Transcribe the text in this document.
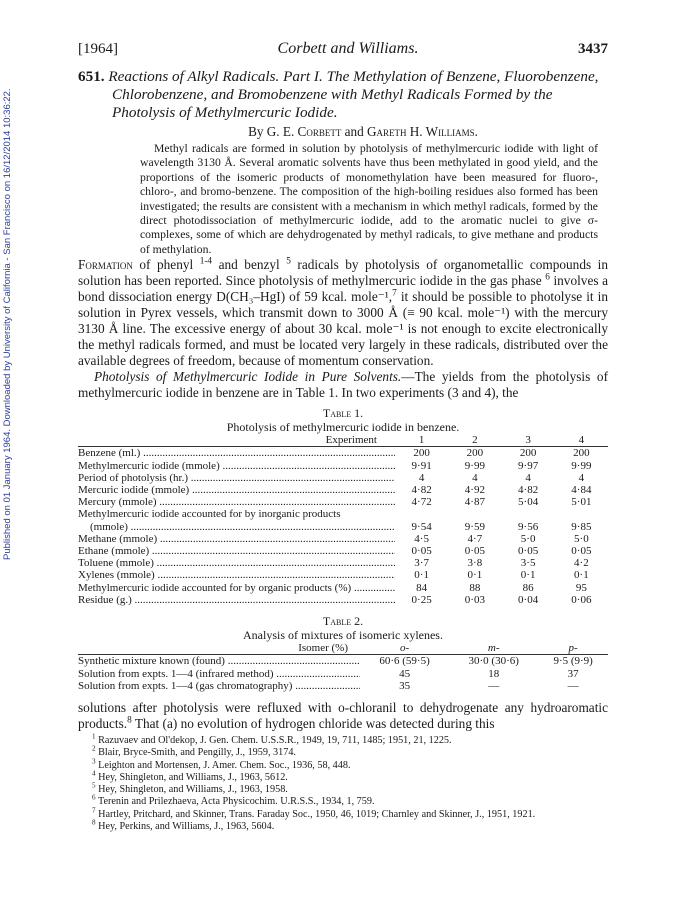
Published on 01 January 1964. Downloaded by University of California - San Francisco on 16/12/2014 10:36:22.
[1964]	Corbett and Williams.	3437

651. Reactions of Alkyl Radicals. Part I. The Methylation of Benzene, Fluorobenzene, Chlorobenzene, and Bromobenzene with Methyl Radicals Formed by the Photolysis of Methylmercuric Iodide.

By G. E. Corbett and Gareth H. Williams.

Methyl radicals are formed in solution by photolysis of methylmercuric iodide with light of wavelength 3130 Å. Several aromatic solvents have thus been methylated in good yield, and the proportions of the isomeric products of monomethylation have been measured for fluoro-, chloro-, and bromo-benzene. The composition of the high-boiling residues also formed has been investigated; the results are consistent with a mechanism in which methyl radicals, formed by the direct photodissociation of methylmercuric iodide, add to the aromatic nuclei to give σ-complexes, some of which are dehydrogenated by methyl radicals, to give methane and products of methylation.

Formation of phenyl $^{1-4}$ and benzyl $^5$ radicals by photolysis of organometallic compounds in solution has been reported. Since photolysis of methylmercuric iodide in the gas phase $^6$ involves a bond dissociation energy D(CH₃–HgI) of 59 kcal. mole⁻¹,$^7$ it should be possible to photolyse it in solution in Pyrex vessels, which transmit down to 3000 Å (≡ 90 kcal. mole⁻¹) with the mercury 3130 Å line. The excessive energy of about 30 kcal. mole⁻¹ is not enough to excite electronically the methyl radicals formed, and must be located very largely in these radicals, distributed over the available degrees of freedom, because of momentum conservation.

Photolysis of Methylmercuric Iodide in Pure Solvents.—The yields from the photolysis of methylmercuric iodide in benzene are in Table 1. In two experiments (3 and 4), the

Table 1.
Photolysis of methylmercuric iodide in benzene.
Experiment	1	2	3	4
Benzene (ml.) .....	200	200	200	200
Methylmercuric iodide (mmole) .....	9·91	9·99	9·97	9·99
Period of photolysis (hr.) .....	4	4	4	4
Mercuric iodide (mmole) .....	4·82	4·92	4·82	4·84
Mercury (mmole) .....	4·72	4·87	5·04	5·01
Methylmercuric iodide accounted for by inorganic products				
(mmole) .....	9·54	9·59	9·56	9·85
Methane (mmole) .....	4·5	4·7	5·0	5·0
Ethane (mmole) .....	0·05	0·05	0·05	0·05
Toluene (mmole) .....	3·7	3·8	3·5	4·2
Xylenes (mmole) .....	0·1	0·1	0·1	0·1
Methylmercuric iodide accounted for by organic products (%) .....	84	88	86	95
Residue (g.) .....	0·25	0·03	0·04	0·06
Table 2.
Analysis of mixtures of isomeric xylenes.
Isomer (%)	o-	m-	p-
Synthetic mixture known (found) .....	60·6 (59·5)	30·0 (30·6)	9·5 (9·9)
Solution from expts. 1—4 (infrared method) .....	45	18	37
Solution from expts. 1—4 (gas chromatography) .....	35	—	—

solutions after photolysis were refluxed with o-chloranil to dehydrogenate any hydroaromatic products.$^8$ That (a) no evolution of hydrogen chloride was detected during this

$^1$ Razuvaev and Ol'dekop, J. Gen. Chem. U.S.S.R., 1949, 19, 711, 1485; 1951, 21, 1225.
$^2$ Blair, Bryce-Smith, and Pengilly, J., 1959, 3174.
$^3$ Leighton and Mortensen, J. Amer. Chem. Soc., 1936, 58, 448.
$^4$ Hey, Shingleton, and Williams, J., 1963, 5612.
$^5$ Hey, Shingleton, and Williams, J., 1963, 1958.
$^6$ Terenin and Prilezhaeva, Acta Physicochim. U.R.S.S., 1934, 1, 759.
$^7$ Hartley, Pritchard, and Skinner, Trans. Faraday Soc., 1950, 46, 1019; Charnley and Skinner, J., 1951, 1921.
$^8$ Hey, Perkins, and Williams, J., 1963, 5604.
